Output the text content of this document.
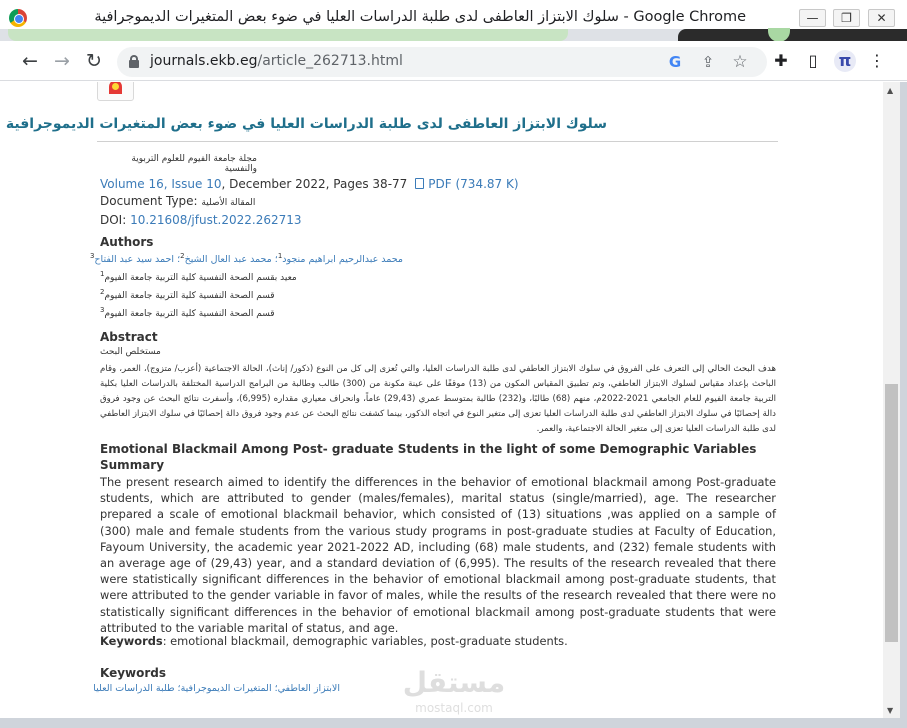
سلوك الابتزاز العاطفى لدى طلبة الدراسات العليا في ضوء بعض المتغيرات الديموجرافية - Google Chrome	—	❐	✕
← → ↻	journals.ekb.eg/article_262713.html	G	⇪ ☆ ✚	▯	π ⋮
سلوك الابتزاز العاطفى لدى طلبة الدراسات العليا في ضوء بعض المتغيرات الديموجرافية
مجلة جامعة الفيوم للعلوم التربوية والنفسية
Volume 16, Issue 10, December 2022, Pages 38-77 PDF (734.87 K)
Document Type: المقالة الأصلية
DOI: 10.21608/jfust.2022.262713
Authors
محمد عبدالرحيم ابراهيم منجود$^1$؛ محمد عبد العال الشيخ$^2$؛ احمد سيد عبد الفتاح$^3$
$^1$معيد بقسم الصحة النفسية كلية التربية جامعة الفيوم
$^2$قسم الصحة النفسية كلية التربية جامعة الفيوم
$^3$قسم الصحة النفسية كلية التربية جامعة الفيوم
Abstract
مستخلص البحث
هدف البحث الحالي إلى التعرف على الفروق في سلوك الابتزاز العاطفي لدى طلبة الدراسات العليا، والتي تُعزى إلى كل من النوع (ذكور/ إناث)، الحالة الاجتماعية (أعزب/ متزوج)، العمر، وقام الباحث بإعداد مقياس لسلوك الابتزاز العاطفي، وتم تطبيق المقياس المكون من (13) موقفًا على عينة مكونة من (300) طالب وطالبة من البرامج الدراسية المختلفة بالدراسات العليا بكلية التربية جامعة الفيوم للعام الجامعي 2021-2022م، منهم (68) طالبًا، و(232) طالبة بمتوسط عمري (29,43) عاماً، وانحراف معياري مقداره (6,995)، وأسفرت نتائج البحث عن وجود فروق دالة إحصائيًا في سلوك الابتزاز العاطفي لدى طلبة الدراسات العليا تعزى إلى متغير النوع في اتجاه الذكور، بينما كشفت نتائج البحث عن عدم وجود فروق دالة إحصائيًا في سلوك الابتزاز العاطفي لدى طلبة الدراسات العليا تعزى إلى متغير الحالة الاجتماعية، والعمر.
Emotional Blackmail Among Post- graduate Students in the light of some Demographic Variables
Summary
The present research aimed to identify the differences in the behavior of emotional blackmail among Post-graduate students, which are attributed to gender (males/females), marital status (single/married), age. The researcher prepared a scale of emotional blackmail behavior, which consisted of (13) situations ,was applied on a sample of (300) male and female students from the various study programs in post-graduate studies at Faculty of Education, Fayoum University, the academic year 2021-2022 AD, including (68) male students, and (232) female students with an average age of (29,43) year, and a standard deviation of (6,995). The results of the research revealed that there were statistically significant differences in the behavior of emotional blackmail among post-graduate students, that were attributed to the gender variable in favor of males, while the results of the research revealed that there were no statistically significant differences in the behavior of emotional blackmail among post-graduate students that were attributed to the variable marital of status, and age.
Keywords: emotional blackmail, demographic variables, post-graduate students.
Keywords
الابتزاز العاطفي؛ المتغيرات الديموجرافية؛ طلبة الدراسات العليا	مستقل
mostaql.com
▲
▼
